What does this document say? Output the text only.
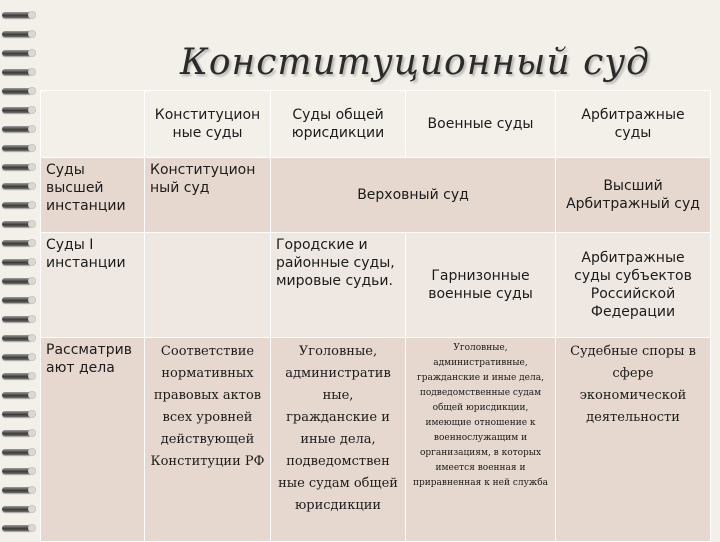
Конституционный суд
	Конституцион ные суды	Суды общей юрисдикции	Военные суды	Арбитражные суды
Суды высшей инстанции	Конституцион ный суд	Верховный суд		Высший Арбитражный суд
Суды I инстанции		Городские и районные суды, мировые судьи.	Гарнизонные военные суды	Арбитражные суды субъектов Российской Федерации
Рассматрив ают дела	Соответствие нормативных правовых актов всех уровней действующей Конституции РФ	Уголовные, административ ные, гражданские и иные дела, подведомствен ные судам общей юрисдикции	Уголовные, административные, гражданские и иные дела, подведомственные судам общей юрисдикции, имеющие отношение к военнослужащим и организациям, в которых имеется военная и приравненная к ней служба	Судебные споры в сфере экономической деятельности
